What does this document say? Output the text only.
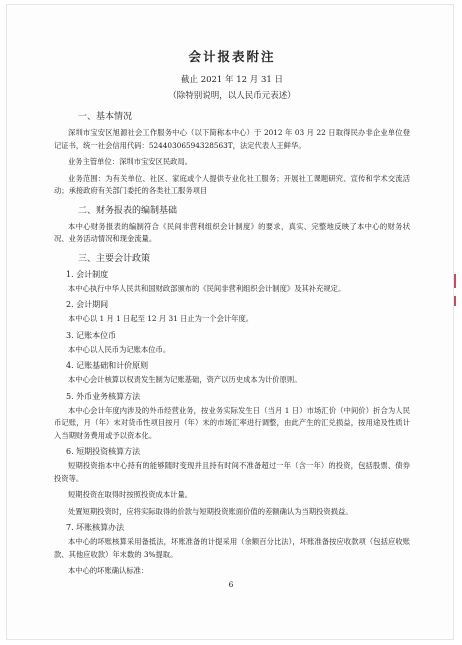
会计报表附注
截止 2021 年 12 月 31 日
（除特别说明，以人民币元表述）
一、基本情况

深圳市宝安区旭源社会工作服务中心（以下简称本中心）于 2012 年 03 月 22 日取得民办非企业单位登记证书，统一社会信用代码：52440306594328563T，法定代表人王鲜华。

业务主管单位：深圳市宝安区民政局。

业务范围：为有关单位、社区、家庭或个人提供专业化社工服务；开展社工课题研究、宣传和学术交流活动；承接政府有关部门委托的各类社工服务项目

二、财务报表的编制基础

本中心财务报表的编制符合《民间非营利组织会计制度》的要求，真实、完整地反映了本中心的财务状况、业务活动情况和现金流量。

三、主要会计政策
1. 会计制度

本中心执行中华人民共和国财政部颁布的《民间非营利组织会计制度》及其补充规定。

2. 会计期间

本中心以 1 月 1 日起至 12 月 31 日止为一个会计年度。

3. 记账本位币

本中心以人民币为记账本位币。

4. 记账基础和计价原则

本中心会计核算以权责发生制为记账基础，资产以历史成本为计价原则。

5. 外币业务核算方法

本中心会计年度内涉及的外币经营业务，按业务实际发生日（当月 1 日）市场汇价（中间价）折合为人民币记账，月（年）末对货币性项目按月（年）末的市场汇率进行调整，由此产生的汇兑损益，按用途及性质计入当期财务费用或予以资本化。

6. 短期投资核算方法

短期投资指本中心持有的能够随时变现并且持有时间不准备超过一年（含一年）的投资，包括股票、债券投资等。

短期投资在取得时按照投资成本计量。

处置短期投资时，应将实际取得的价款与短期投资账面价值的差额确认为当期投资损益。

7. 坏账核算办法

本中心的坏账核算采用备抵法，坏账准备的计提采用（余额百分比法），坏账准备按应收款项（包括应收账款、其他应收款）年末数的 3%提取。

本中心的坏账确认标准：

6
